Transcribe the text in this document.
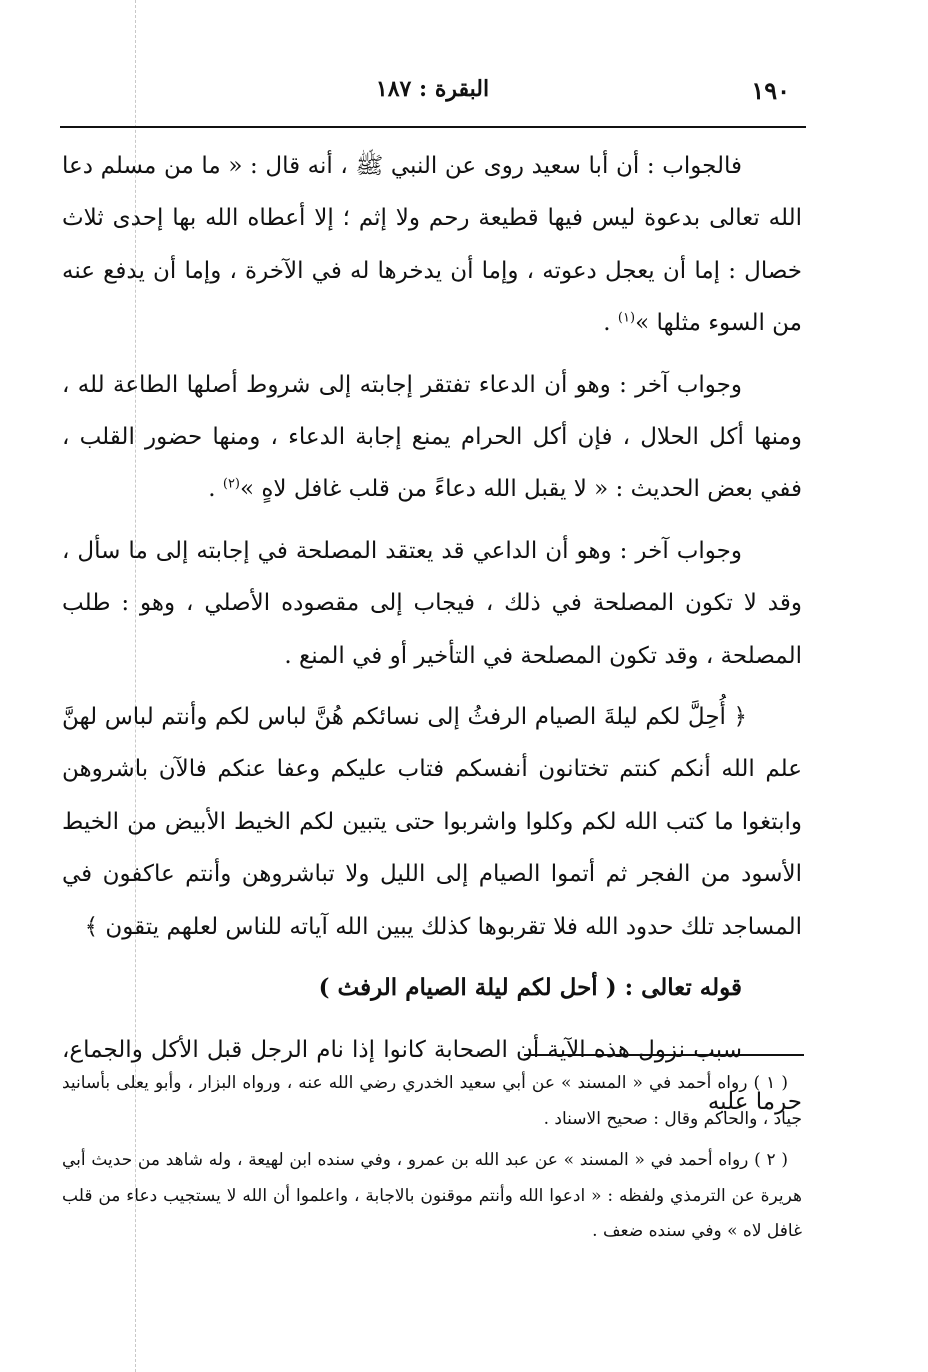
١٩٠
البقرة : ١٨٧

فالجواب : أن أبا سعيد روى عن النبي ﷺ ، أنه قال : « ما من مسلم دعا الله تعالى بدعوة ليس فيها قطيعة رحم ولا إثم ؛ إلا أعطاه الله بها إحدى ثلاث خصال : إما أن يعجل دعوته ، وإما أن يدخرها له في الآخرة ، وإما أن يدفع عنه من السوء مثلها »$^{(١)}$ .

وجواب آخر : وهو أن الدعاء تفتقر إجابته إلى شروط أصلها الطاعة لله ، ومنها أكل الحلال ، فإن أكل الحرام يمنع إجابة الدعاء ، ومنها حضور القلب ، ففي بعض الحديث : « لا يقبل الله دعاءً من قلب غافل لاهٍ »$^{(٢)}$ .

وجواب آخر : وهو أن الداعي قد يعتقد المصلحة في إجابته إلى ما سأل ، وقد لا تكون المصلحة في ذلك ، فيجاب إلى مقصوده الأصلي ، وهو : طلب المصلحة ، وقد تكون المصلحة في التأخير أو في المنع .

﴿ أُحِلَّ لكم ليلةَ الصيام الرفثُ إلى نسائكم هُنَّ لباس لكم وأنتم لباس لهنَّ علم الله أنكم كنتم تختانون أنفسكم فتاب عليكم وعفا عنكم فالآن باشروهن وابتغوا ما كتب الله لكم وكلوا واشربوا حتى يتبين لكم الخيط الأبيض من الخيط الأسود من الفجر ثم أتموا الصيام إلى الليل ولا تباشروهن وأنتم عاكفون في المساجد تلك حدود الله فلا تقربوها كذلك يبين الله آياته للناس لعلهم يتقون ﴾

قوله تعالى : ( أحل لكم ليلة الصيام الرفث )

سبب نزول هذه الآية أن الصحابة كانوا إذا نام الرجل قبل الأكل والجماع، حرما عليه

( ١ ) رواه أحمد في « المسند » عن أبي سعيد الخدري رضي الله عنه ، ورواه البزار ، وأبو يعلى بأسانيد جياد ، والحاكم وقال : صحيح الاسناد .

( ٢ ) رواه أحمد في « المسند » عن عبد الله بن عمرو ، وفي سنده ابن لهيعة ، وله شاهد من حديث أبي هريرة عن الترمذي ولفظه : « ادعوا الله وأنتم موقنون بالاجابة ، واعلموا أن الله لا يستجيب دعاء من قلب غافل لاه » وفي سنده ضعف .
